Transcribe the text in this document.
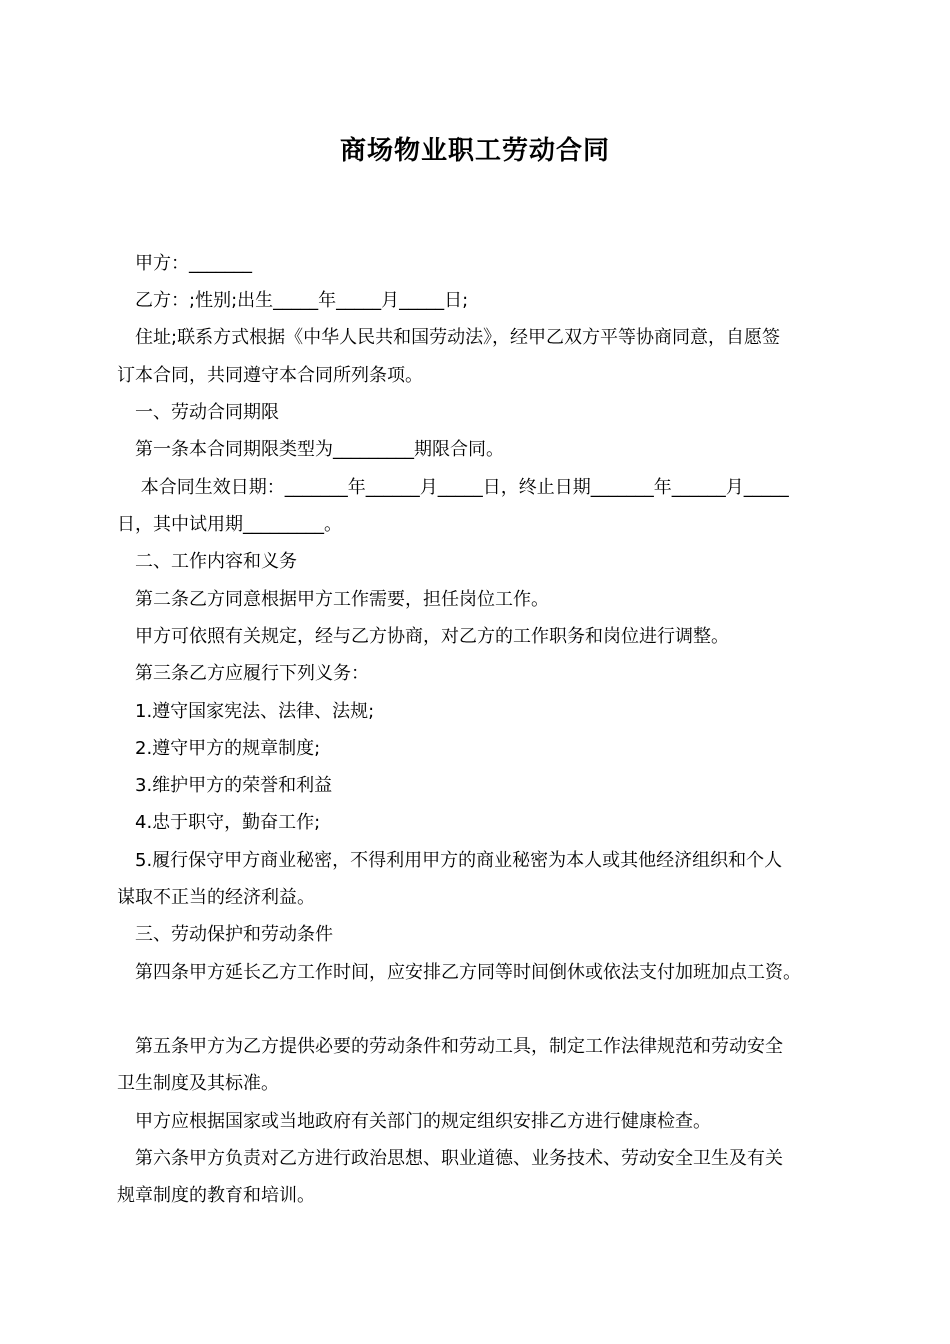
商场物业职工劳动合同
甲方：_______
乙方：;性别;出生_____年_____月_____日;
住址;联系方式根据《中华人民共和国劳动法》，经甲乙双方平等协商同意，自愿签
订本合同，共同遵守本合同所列条项。
一、劳动合同期限
第一条本合同期限类型为_________期限合同。
本合同生效日期：_______年______月_____日，终止日期_______年______月_____
日，其中试用期_________。
二、工作内容和义务
第二条乙方同意根据甲方工作需要，担任岗位工作。
甲方可依照有关规定，经与乙方协商，对乙方的工作职务和岗位进行调整。
第三条乙方应履行下列义务：
1.遵守国家宪法、法律、法规;
2.遵守甲方的规章制度;
3.维护甲方的荣誉和利益
4.忠于职守，勤奋工作;
5.履行保守甲方商业秘密，不得利用甲方的商业秘密为本人或其他经济组织和个人
谋取不正当的经济利益。
三、劳动保护和劳动条件
第四条甲方延长乙方工作时间，应安排乙方同等时间倒休或依法支付加班加点工资。
第五条甲方为乙方提供必要的劳动条件和劳动工具，制定工作法律规范和劳动安全
卫生制度及其标准。
甲方应根据国家或当地政府有关部门的规定组织安排乙方进行健康检查。
第六条甲方负责对乙方进行政治思想、职业道德、业务技术、劳动安全卫生及有关
规章制度的教育和培训。
